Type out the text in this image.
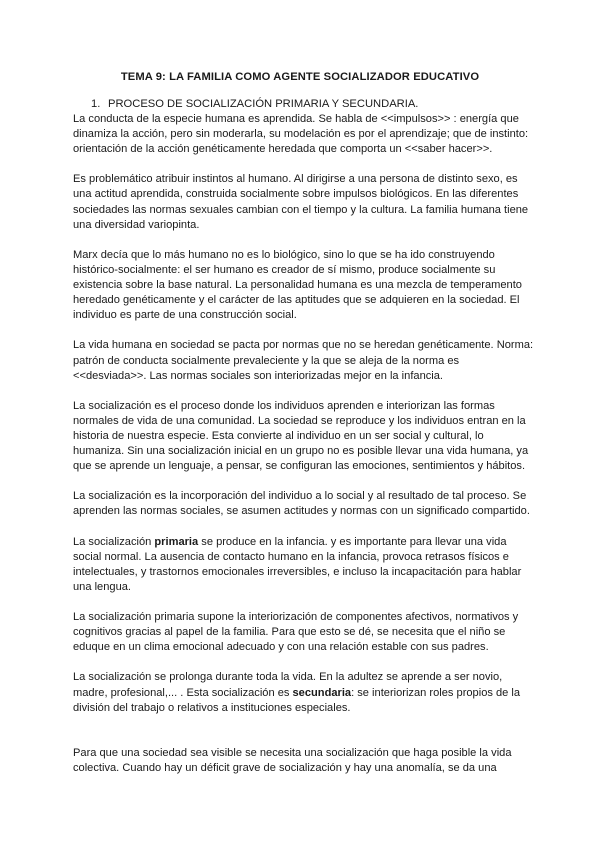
TEMA 9: LA FAMILIA COMO AGENTE SOCIALIZADOR EDUCATIVO
1. PROCESO DE SOCIALIZACIÓN PRIMARIA Y SECUNDARIA.

La conducta de la especie humana es aprendida. Se habla de <<impulsos>> : energía que dinamiza la acción, pero sin moderarla, su modelación es por el aprendizaje; que de instinto: orientación de la acción genéticamente heredada que comporta un <<saber hacer>>.

Es problemático atribuir instintos al humano. Al dirigirse a una persona de distinto sexo, es una actitud aprendida, construida socialmente sobre impulsos biológicos. En las diferentes sociedades las normas sexuales cambian con el tiempo y la cultura. La familia humana tiene una diversidad variopinta.

Marx decía que lo más humano no es lo biológico, sino lo que se ha ido construyendo histórico-socialmente: el ser humano es creador de sí mismo, produce socialmente su existencia sobre la base natural. La personalidad humana es una mezcla de temperamento heredado genéticamente y el carácter de las aptitudes que se adquieren en la sociedad. El individuo es parte de una construcción social.

La vida humana en sociedad se pacta por normas que no se heredan genéticamente. Norma: patrón de conducta socialmente prevaleciente y la que se aleja de la norma es <<desviada>>. Las normas sociales son interiorizadas mejor en la infancia.

La socialización es el proceso donde los individuos aprenden e interiorizan las formas normales de vida de una comunidad. La sociedad se reproduce y los individuos entran en la historia de nuestra especie. Esta convierte al individuo en un ser social y cultural, lo humaniza. Sin una socialización inicial en un grupo no es posible llevar una vida humana, ya que se aprende un lenguaje, a pensar, se configuran las emociones, sentimientos y hábitos.

La socialización es la incorporación del individuo a lo social y al resultado de tal proceso. Se aprenden las normas sociales, se asumen actitudes y normas con un significado compartido.

La socialización primaria se produce en la infancia. y es importante para llevar una vida social normal. La ausencia de contacto humano en la infancia, provoca retrasos físicos e intelectuales, y trastornos emocionales irreversibles, e incluso la incapacitación para hablar una lengua.

La socialización primaria supone la interiorización de componentes afectivos, normativos y cognitivos gracias al papel de la familia. Para que esto se dé, se necesita que el niño se eduque en un clima emocional adecuado y con una relación estable con sus padres.

La socialización se prolonga durante toda la vida. En la adultez se aprende a ser novio, madre, profesional,... . Esta socialización es secundaria: se interiorizan roles propios de la división del trabajo o relativos a instituciones especiales.

Para que una sociedad sea visible se necesita una socialización que haga posible la vida colectiva. Cuando hay un déficit grave de socialización y hay una anomalía, se da una
